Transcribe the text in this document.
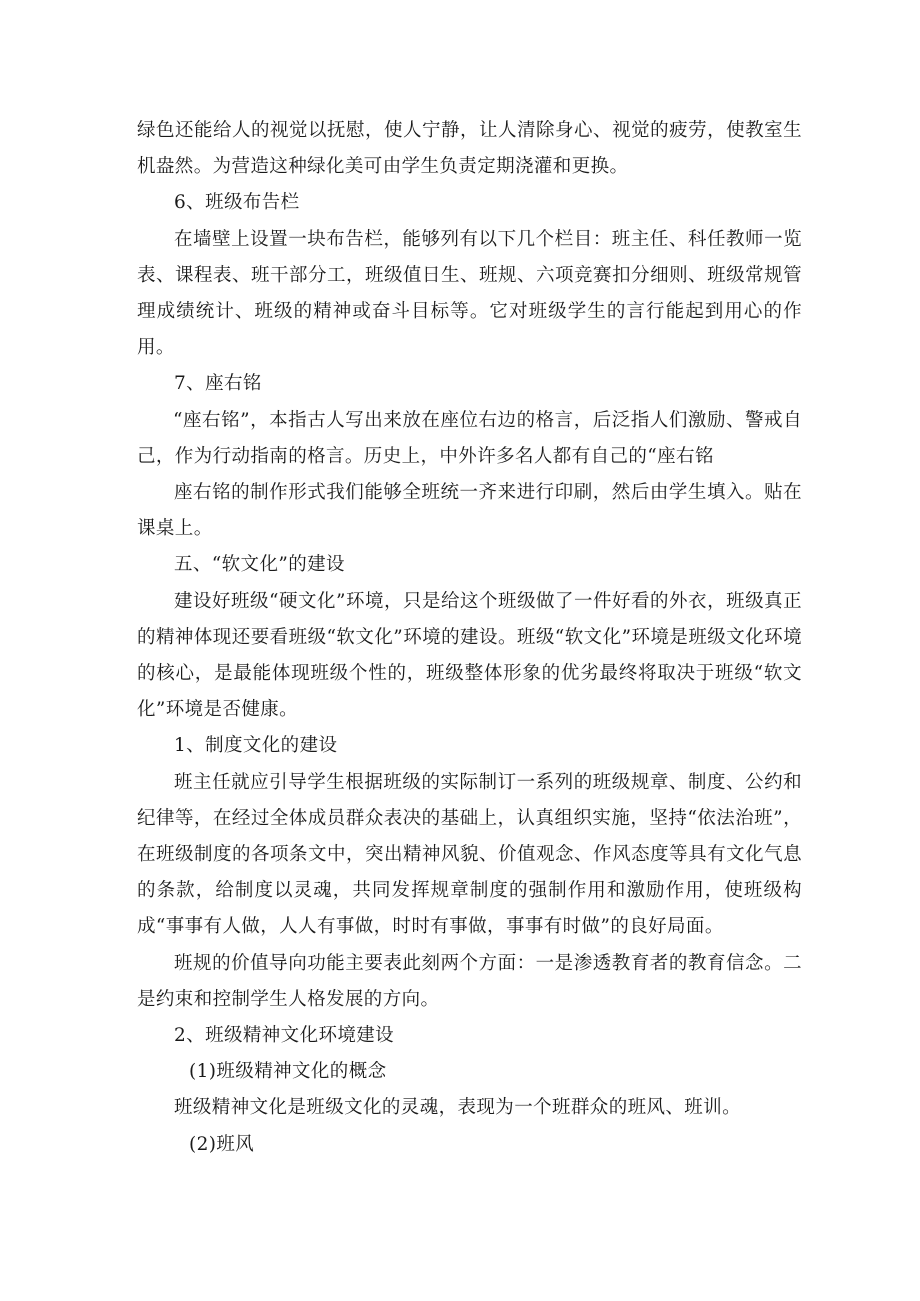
绿色还能给人的视觉以抚慰，使人宁静，让人清除身心、视觉的疲劳，使教室生机盎然。为营造这种绿化美可由学生负责定期浇灌和更换。

6、班级布告栏

在墙壁上设置一块布告栏，能够列有以下几个栏目：班主任、科任教师一览表、课程表、班干部分工，班级值日生、班规、六项竞赛扣分细则、班级常规管理成绩统计、班级的精神或奋斗目标等。它对班级学生的言行能起到用心的作用。

7、座右铭

“座右铭”，本指古人写出来放在座位右边的格言，后泛指人们激励、警戒自己，作为行动指南的格言。历史上，中外许多名人都有自己的“座右铭

座右铭的制作形式我们能够全班统一齐来进行印刷，然后由学生填入。贴在课桌上。

五、“软文化”的建设

建设好班级“硬文化”环境，只是给这个班级做了一件好看的外衣，班级真正的精神体现还要看班级“软文化”环境的建设。班级“软文化”环境是班级文化环境的核心，是最能体现班级个性的，班级整体形象的优劣最终将取决于班级“软文化”环境是否健康。

1、制度文化的建设

班主任就应引导学生根据班级的实际制订一系列的班级规章、制度、公约和纪律等，在经过全体成员群众表决的基础上，认真组织实施，坚持“依法治班”，在班级制度的各项条文中，突出精神风貌、价值观念、作风态度等具有文化气息的条款，给制度以灵魂，共同发挥规章制度的强制作用和激励作用，使班级构成“事事有人做，人人有事做，时时有事做，事事有时做”的良好局面。

班规的价值导向功能主要表此刻两个方面：一是渗透教育者的教育信念。二是约束和控制学生人格发展的方向。

2、班级精神文化环境建设

(1)班级精神文化的概念

班级精神文化是班级文化的灵魂，表现为一个班群众的班风、班训。

(2)班风
